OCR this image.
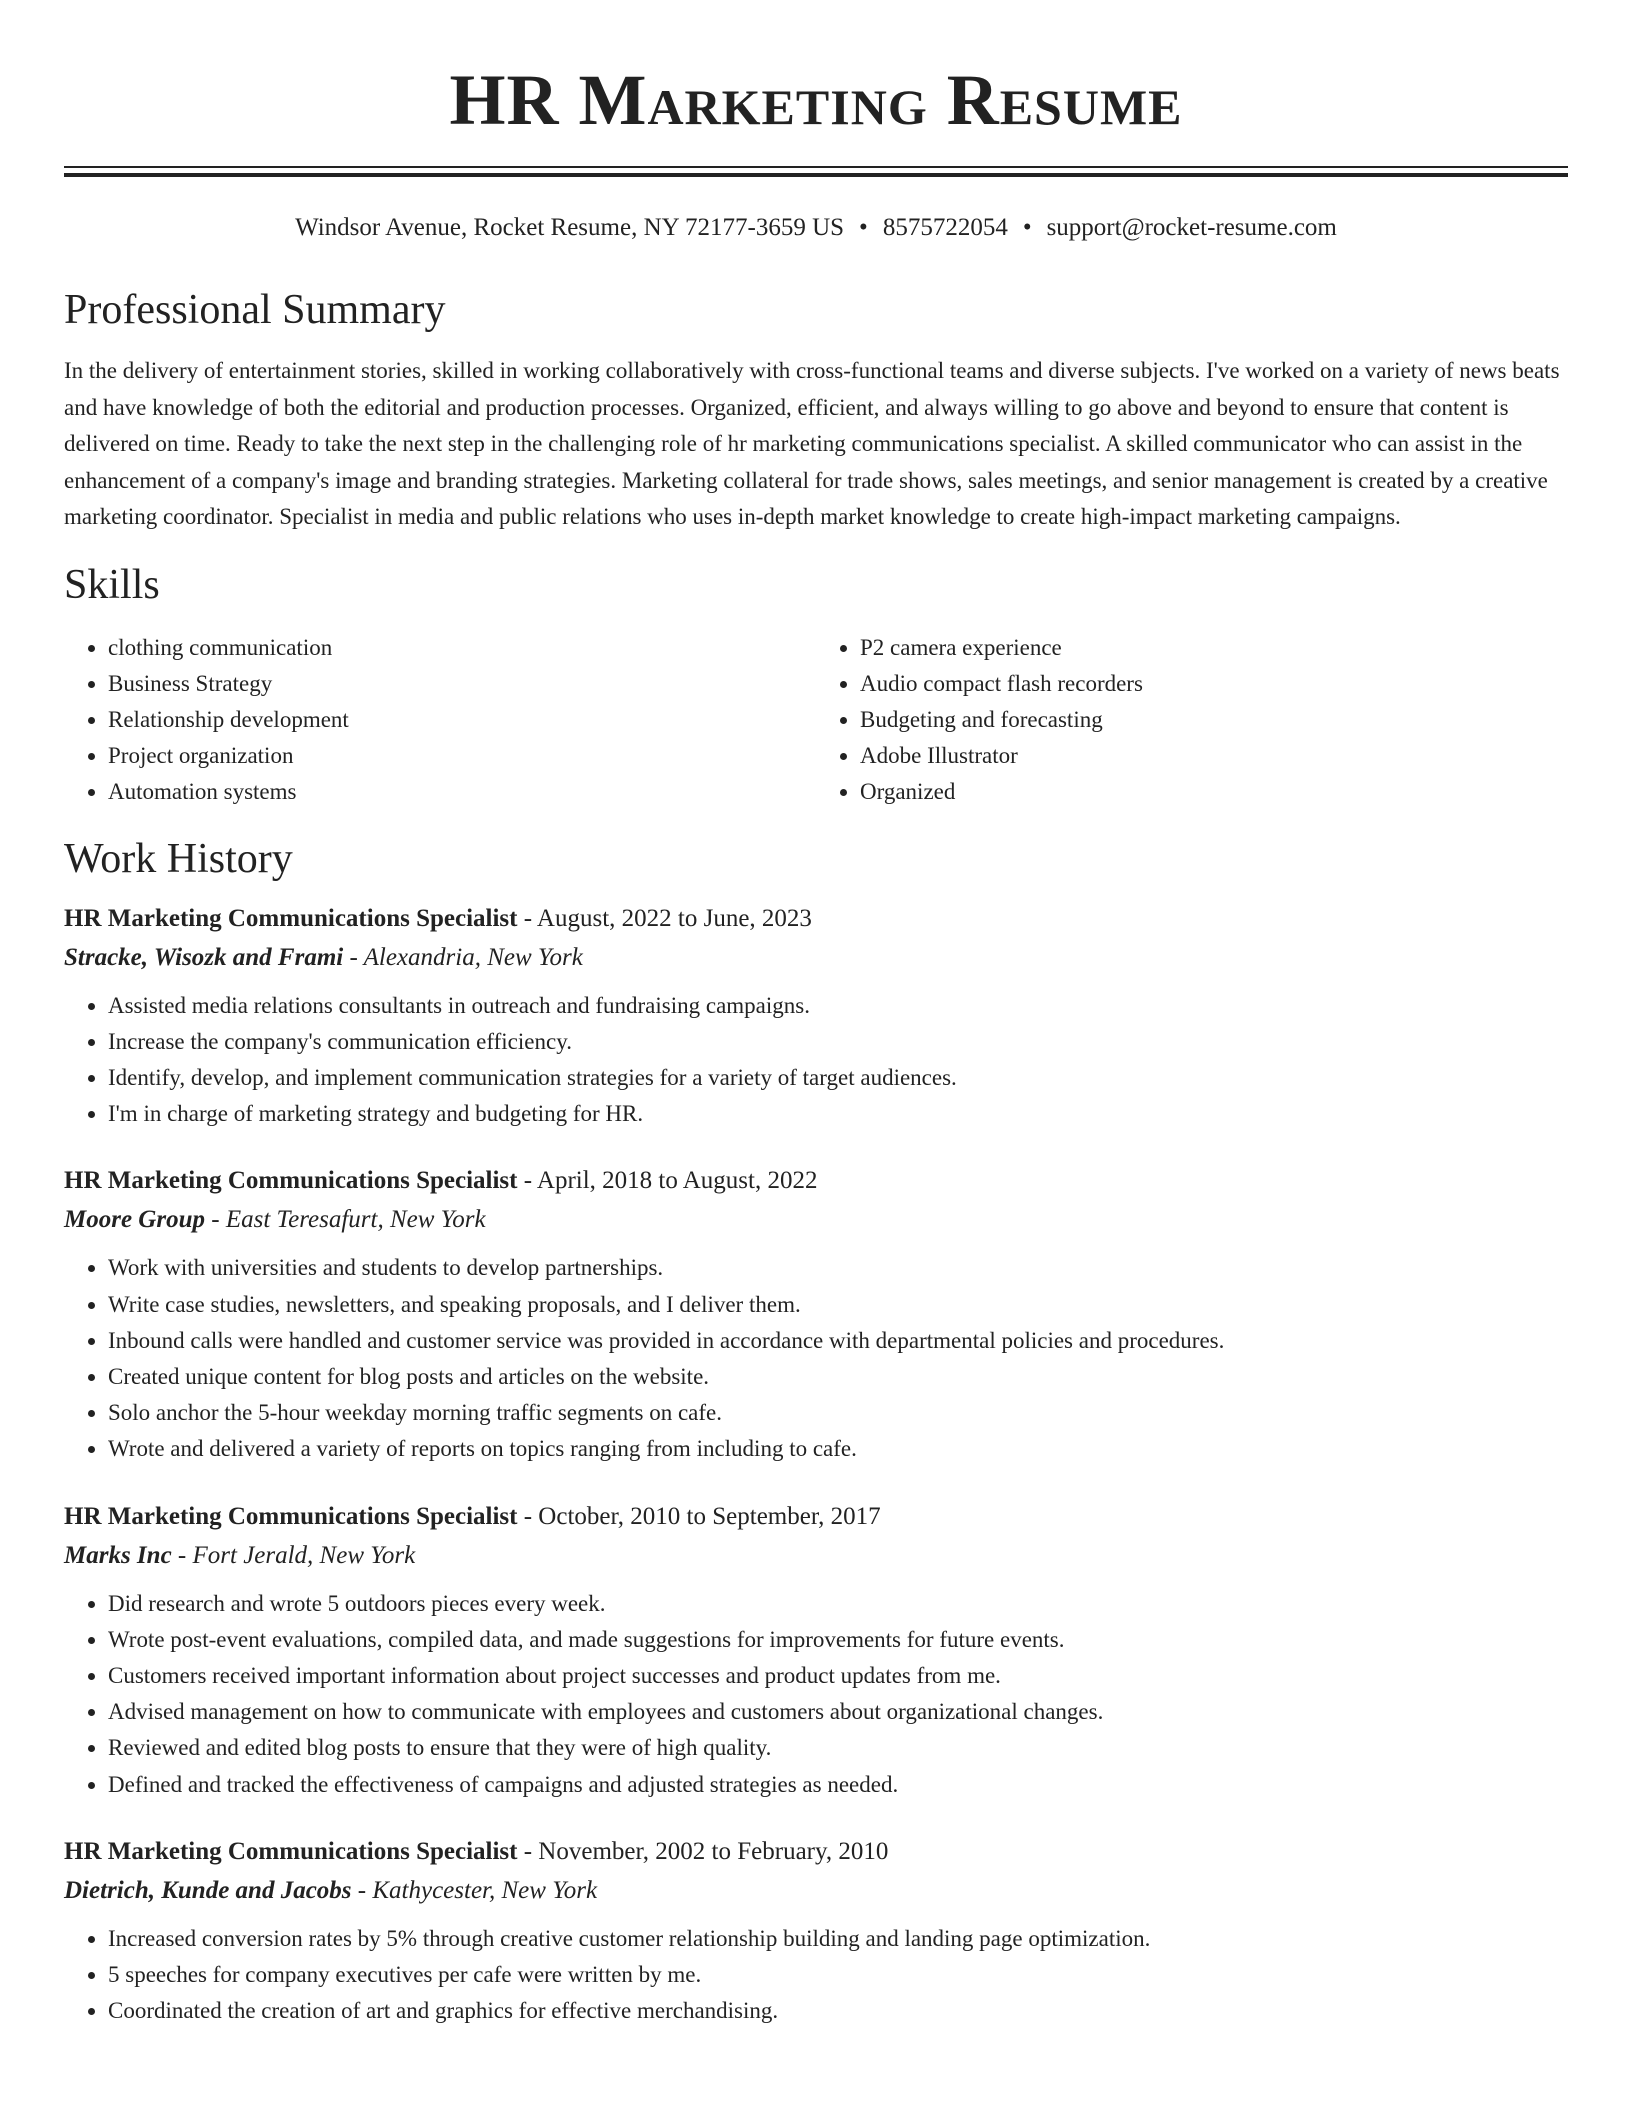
HR Marketing Resume
Windsor Avenue, Rocket Resume, NY 72177-3659 US • 8575722054 • support@rocket-resume.com
Professional Summary
In the delivery of entertainment stories, skilled in working collaboratively with cross-functional teams and diverse subjects. I've worked on a variety of news beats and have knowledge of both the editorial and production processes. Organized, efficient, and always willing to go above and beyond to ensure that content is delivered on time. Ready to take the next step in the challenging role of hr marketing communications specialist. A skilled communicator who can assist in the enhancement of a company's image and branding strategies. Marketing collateral for trade shows, sales meetings, and senior management is created by a creative marketing coordinator. Specialist in media and public relations who uses in-depth market knowledge to create high-impact marketing campaigns.
Skills
• clothing communication
• Business Strategy
• Relationship development
• Project organization
• Automation systems
• P2 camera experience
• Audio compact flash recorders
• Budgeting and forecasting
• Adobe Illustrator
• Organized
Work History
HR Marketing Communications Specialist - August, 2022 to June, 2023
Stracke, Wisozk and Frami - Alexandria, New York
• Assisted media relations consultants in outreach and fundraising campaigns.
• Increase the company's communication efficiency.
• Identify, develop, and implement communication strategies for a variety of target audiences.
• I'm in charge of marketing strategy and budgeting for HR.
HR Marketing Communications Specialist - April, 2018 to August, 2022
Moore Group - East Teresafurt, New York
• Work with universities and students to develop partnerships.
• Write case studies, newsletters, and speaking proposals, and I deliver them.
• Inbound calls were handled and customer service was provided in accordance with departmental policies and procedures.
• Created unique content for blog posts and articles on the website.
• Solo anchor the 5-hour weekday morning traffic segments on cafe.
• Wrote and delivered a variety of reports on topics ranging from including to cafe.
HR Marketing Communications Specialist - October, 2010 to September, 2017
Marks Inc - Fort Jerald, New York
• Did research and wrote 5 outdoors pieces every week.
• Wrote post-event evaluations, compiled data, and made suggestions for improvements for future events.
• Customers received important information about project successes and product updates from me.
• Advised management on how to communicate with employees and customers about organizational changes.
• Reviewed and edited blog posts to ensure that they were of high quality.
• Defined and tracked the effectiveness of campaigns and adjusted strategies as needed.
HR Marketing Communications Specialist - November, 2002 to February, 2010
Dietrich, Kunde and Jacobs - Kathycester, New York
• Increased conversion rates by 5% through creative customer relationship building and landing page optimization.
• 5 speeches for company executives per cafe were written by me.
• Coordinated the creation of art and graphics for effective merchandising.
